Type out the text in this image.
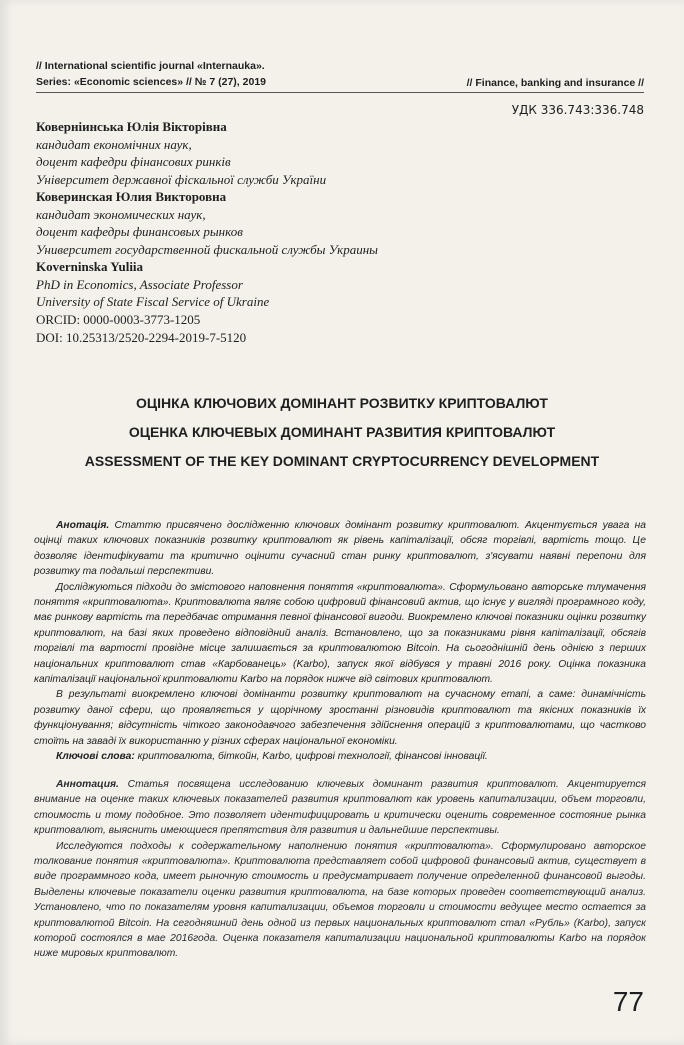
// International scientific journal «Internauka».
Series: «Economic sciences» // № 7 (27), 2019	// Finance, banking and insurance //
УДК 336.743:336.748
Коверніинська Юлія Вікторівна
кандидат економічних наук,
доцент кафедри фінансових ринків
Університет державної фіскальної служби України
Коверинская Юлия Викторовна
кандидат экономических наук,
доцент кафедры финансовых рынков
Университет государственной фискальной службы Украины
Koverninska Yuliia
PhD in Economics, Associate Professor
University of State Fiscal Service of Ukraine
ORCID: 0000-0003-3773-1205
DOI: 10.25313/2520-2294-2019-7-5120
ОЦІНКА КЛЮЧОВИХ ДОМІНАНТ РОЗВИТКУ КРИПТОВАЛЮТ
ОЦЕНКА КЛЮЧЕВЫХ ДОМИНАНТ РАЗВИТИЯ КРИПТОВАЛЮТ
ASSESSMENT OF THE KEY DOMINANT CRYPTOCURRENCY DEVELOPMENT

Анотація. Статтю присвячено дослідженню ключових домінант розвитку криптовалют. Акцентується увага на оцінці таких ключових показників розвитку криптовалют як рівень капіталізації, обсяг торгівлі, вартість тощо. Це дозволяє ідентифікувати та критично оцінити сучасний стан ринку криптовалют, з'ясувати наявні перепони для розвитку та подальші перспективи.

Досліджуються підходи до змістового наповнення поняття «криптовалюта». Сформульовано авторське тлумачення поняття «криптовалюта». Криптовалюта являє собою цифровий фінансовий актив, що існує у вигляді програмного коду, має ринкову вартість та передбачає отримання певної фінансової вигоди. Виокремлено ключові показники оцінки розвитку криптовалют, на базі яких проведено відповідний аналіз. Встановлено, що за показниками рівня капіталізації, обсягів торгівлі та вартості провідне місце залишається за криптовалютою Bitcoin. На сьогоднішній день однією з перших національних криптовалют став «Карбованець» (Karbo), запуск якої відбувся у травні 2016 року. Оцінка показника капіталізації національної криптовалюти Karbo на порядок нижче від світових криптовалют.

В результаті виокремлено ключові домінанти розвитку криптовалют на сучасному етапі, а саме: динамічність розвитку даної сфери, що проявляється у щорічному зростанні різновидів криптовалют та якісних показників їх функціонування; відсутність чіткого законодавчого забезпечення здійснення операцій з криптовалютами, що частково стоїть на заваді їх використанню у різних сферах національної економіки.

Ключові слова: криптовалюта, біткойн, Karbo, цифрові технології, фінансові інновації.

Аннотация. Статья посвящена исследованию ключевых доминант развития криптовалют. Акцентируется внимание на оценке таких ключевых показателей развития криптовалют как уровень капитализации, объем торговли, стоимость и тому подобное. Это позволяет идентифицировать и критически оценить современное состояние рынка криптовалют, выяснить имеющиеся препятствия для развития и дальнейшие перспективы.

Исследуются подходы к содержательному наполнению понятия «криптовалюта». Сформулировано авторское толкование понятия «криптовалюта». Криптовалюта представляет собой цифровой финансовый актив, существует в виде программного кода, имеет рыночную стоимость и предусматривает получение определенной финансовой выгоды. Выделены ключевые показатели оценки развития криптовалюта, на базе которых проведен соответствующий анализ. Установлено, что по показателям уровня капитализации, объемов торговли и стоимости ведущее место остается за криптовалютой Bitcoin. На сегодняшний день одной из первых национальных криптовалют стал «Рубль» (Karbo), запуск которой состоялся в мае 2016года. Оценка показателя капитализации национальной криптовалюты Karbo на порядок ниже мировых криптовалют.

77
